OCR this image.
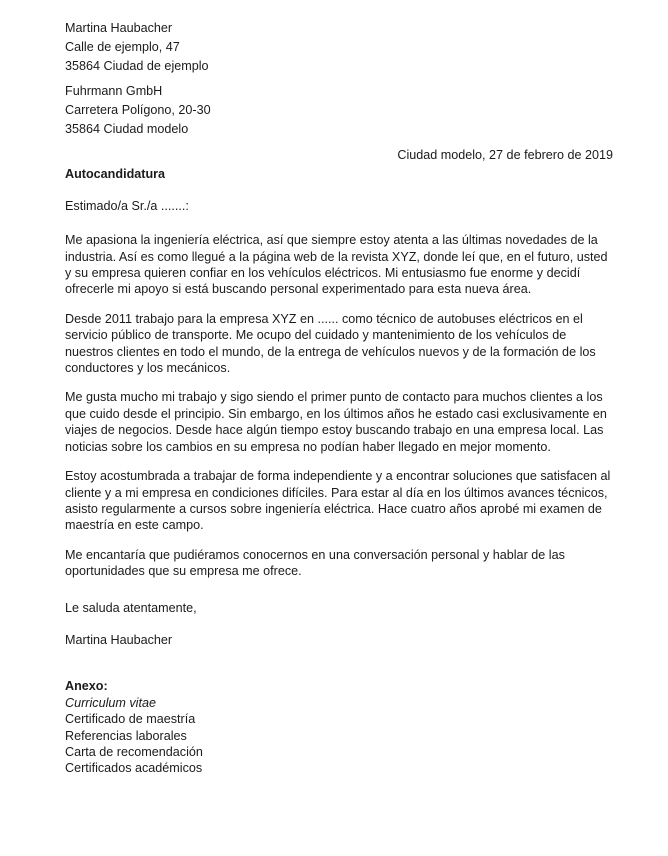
Martina Haubacher
Calle de ejemplo, 47
35864 Ciudad de ejemplo
Fuhrmann GmbH
Carretera Polígono, 20-30
35864 Ciudad modelo
Ciudad modelo, 27 de febrero de 2019
Autocandidatura

Estimado/a Sr./a .......:

Me apasiona la ingeniería eléctrica, así que siempre estoy atenta a las últimas novedades de la industria. Así es como llegué a la página web de la revista XYZ, donde leí que, en el futuro, usted y su empresa quieren confiar en los vehículos eléctricos. Mi entusiasmo fue enorme y decidí ofrecerle mi apoyo si está buscando personal experimentado para esta nueva área.

Desde 2011 trabajo para la empresa XYZ en ...... como técnico de autobuses eléctricos en el servicio público de transporte. Me ocupo del cuidado y mantenimiento de los vehículos de nuestros clientes en todo el mundo, de la entrega de vehículos nuevos y de la formación de los conductores y los mecánicos.

Me gusta mucho mi trabajo y sigo siendo el primer punto de contacto para muchos clientes a los que cuido desde el principio. Sin embargo, en los últimos años he estado casi exclusivamente en viajes de negocios. Desde hace algún tiempo estoy buscando trabajo en una empresa local. Las noticias sobre los cambios en su empresa no podían haber llegado en mejor momento.

Estoy acostumbrada a trabajar de forma independiente y a encontrar soluciones que satisfacen al cliente y a mi empresa en condiciones difíciles. Para estar al día en los últimos avances técnicos, asisto regularmente a cursos sobre ingeniería eléctrica. Hace cuatro años aprobé mi examen de maestría en este campo.

Me encantaría que pudiéramos conocernos en una conversación personal y hablar de las oportunidades que su empresa me ofrece.

Le saluda atentamente,

Martina Haubacher

Anexo:
Curriculum vitae
Certificado de maestría
Referencias laborales
Carta de recomendación
Certificados académicos
